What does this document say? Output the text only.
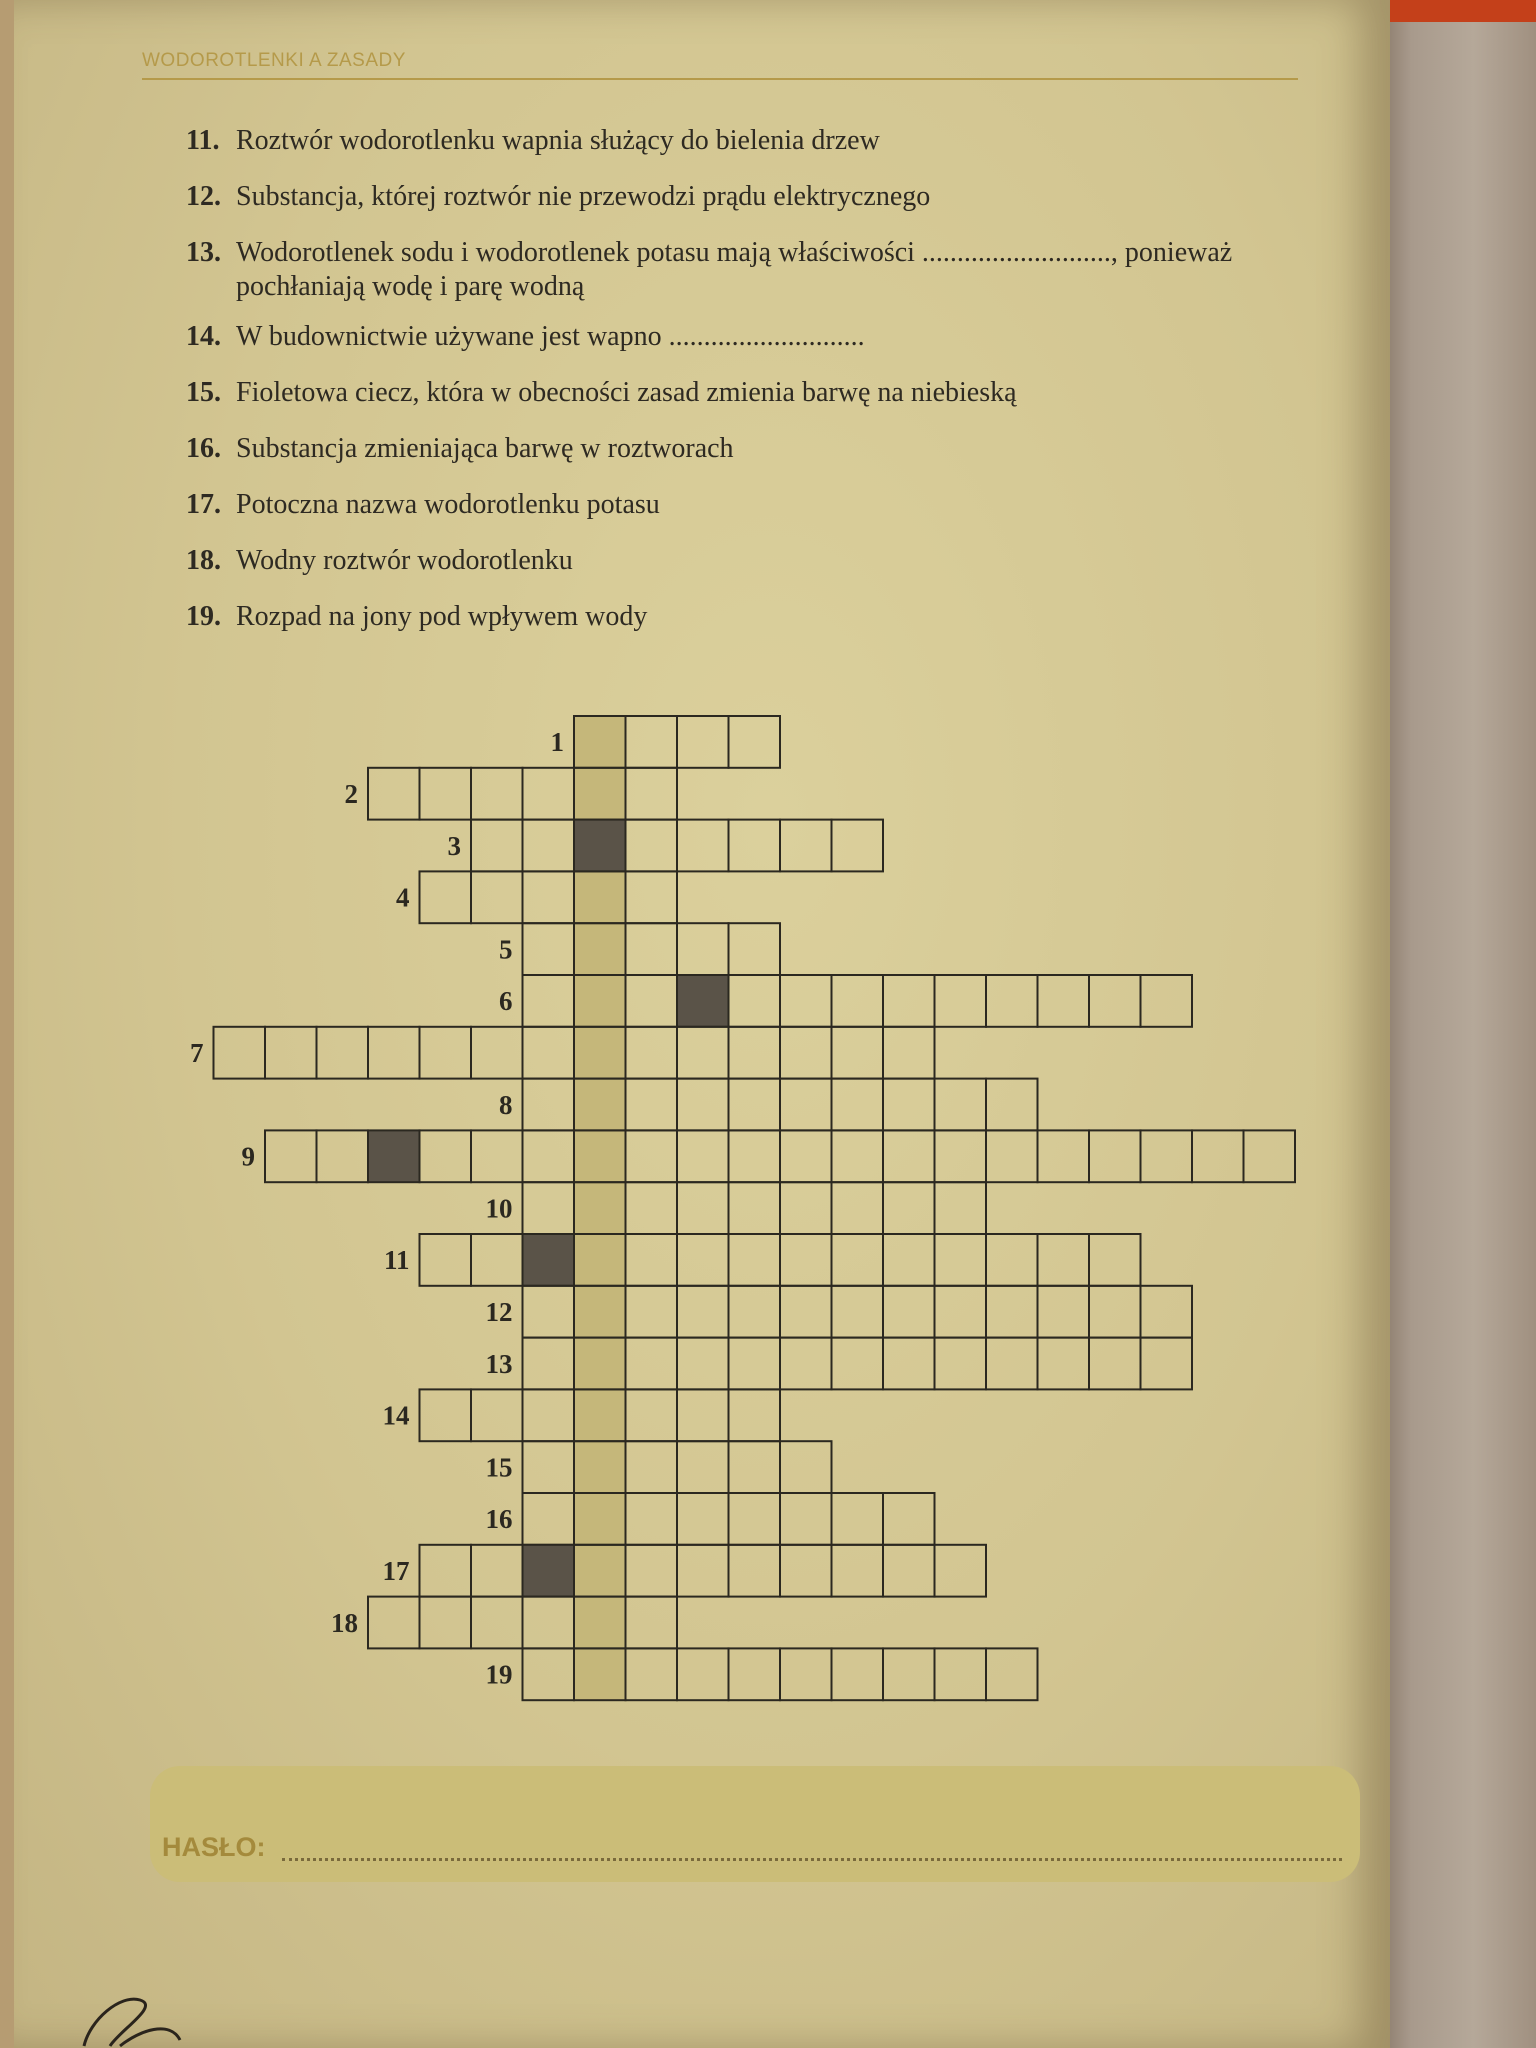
WODOROTLENKI A ZASADY
11. Roztwór wodorotlenku wapnia służący do bielenia drzew
12. Substancja, której roztwór nie przewodzi prądu elektrycznego
13. Wodorotlenek sodu i wodorotlenek potasu mają właściwości ..........................., ponieważ pochłaniają wodę i parę wodną
14. W budownictwie używane jest wapno ............................
15. Fioletowa ciecz, która w obecności zasad zmienia barwę na niebieską
16. Substancja zmieniająca barwę w roztworach
17. Potoczna nazwa wodorotlenku potasu
18. Wodny roztwór wodorotlenku
19. Rozpad na jony pod wpływem wody
1
2
3
4
5
6
7
8
9
10
11
12
13
14
15
16
17
18
19
HASŁO:
